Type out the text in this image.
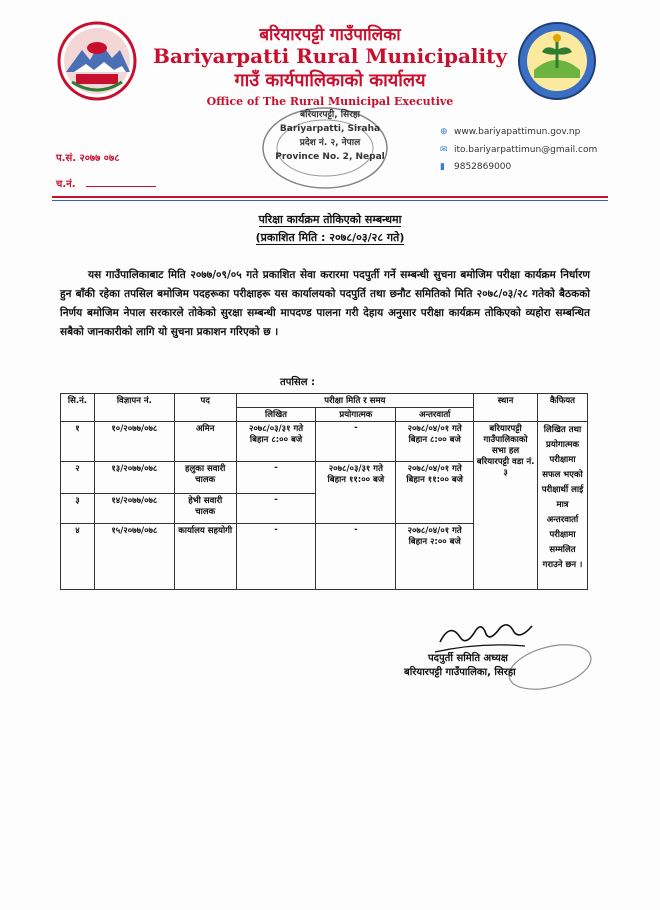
बरियारपट्टी गाउँपालिका
Bariyarpatti Rural Municipality
गाउँ कार्यपालिकाको कार्यालय
Office of The Rural Municipal Executive
बरियारपट्टी, सिरहा
Bariyarpatti, Siraha
प्रदेश नं. २, नेपाल
Province No. 2, Nepal
⊕ www.bariyapattimun.gov.np
✉ ito.bariyarpattimun@gmail.com
▮ 9852869000
प.सं. २०७७ ०७८
च.नं.
परिक्षा कार्यक्रम तोकिएको सम्बन्धमा
(प्रकाशित मिति : २०७८/०३/२८ गते)
यस गाउँपालिकाबाट मिति २०७७/०९/०५ गते प्रकाशित सेवा करारमा पदपुर्ती गर्ने सम्बन्धी सुचना बमोजिम परीक्षा कार्यक्रम निर्धारण हुन बाँकी रहेका तपसिल बमोजिम पदहरूका परीक्षाहरू यस कार्यालयको पदपुर्ति तथा छनौट समितिको मिति २०७८/०३/२८ गतेको बैठकको निर्णय बमोजिम नेपाल सरकारले तोकेको सुरक्षा सम्बन्धी मापदण्ड पालना गरी देहाय अनुसार परीक्षा कार्यक्रम तोकिएको व्यहोरा सम्बन्धित सबैको जानकारीको लागि यो सुचना प्रकाशन गरिएको छ ।
तपसिल :
सि.नं.	विज्ञापन नं.	पद	परीक्षा मिति र समय			स्थान	कैफियत
			लिखित	प्रयोगात्मक	अन्तरवार्ता		
१	१०/२०७७/०७८	अमिन	२०७८/०३/३१ गते बिहान ८:०० बजे	-	२०७८/०४/०१ गते बिहान ८:०० बजे	बरियारपट्टी गाउँपालिकाको सभा हल बरियारपट्टी वडा नं. ३	लिखित तथा प्रयोगात्मक परीक्षामा सफल भएको परीक्षार्थी लाई मात्र अन्तरवार्ता परीक्षामा सम्मलित गराउने छन ।
२	१३/२०७७/०७८	हलुका सवारी चालक	-	२०७८/०३/३१ गते बिहान ११:०० बजे	२०७८/०४/०१ गते बिहान ११:०० बजे		
३	१४/२०७७/०७८	हेभी सवारी चालक	-				
४	१५/२०७७/०७८	कार्यालय सहयोगी	-	-	२०७८/०४/०१ गते बिहान २:०० बजे		
पदपुर्ती समिति अध्यक्ष
बरियारपट्टी गाउँपालिका, सिरहा
